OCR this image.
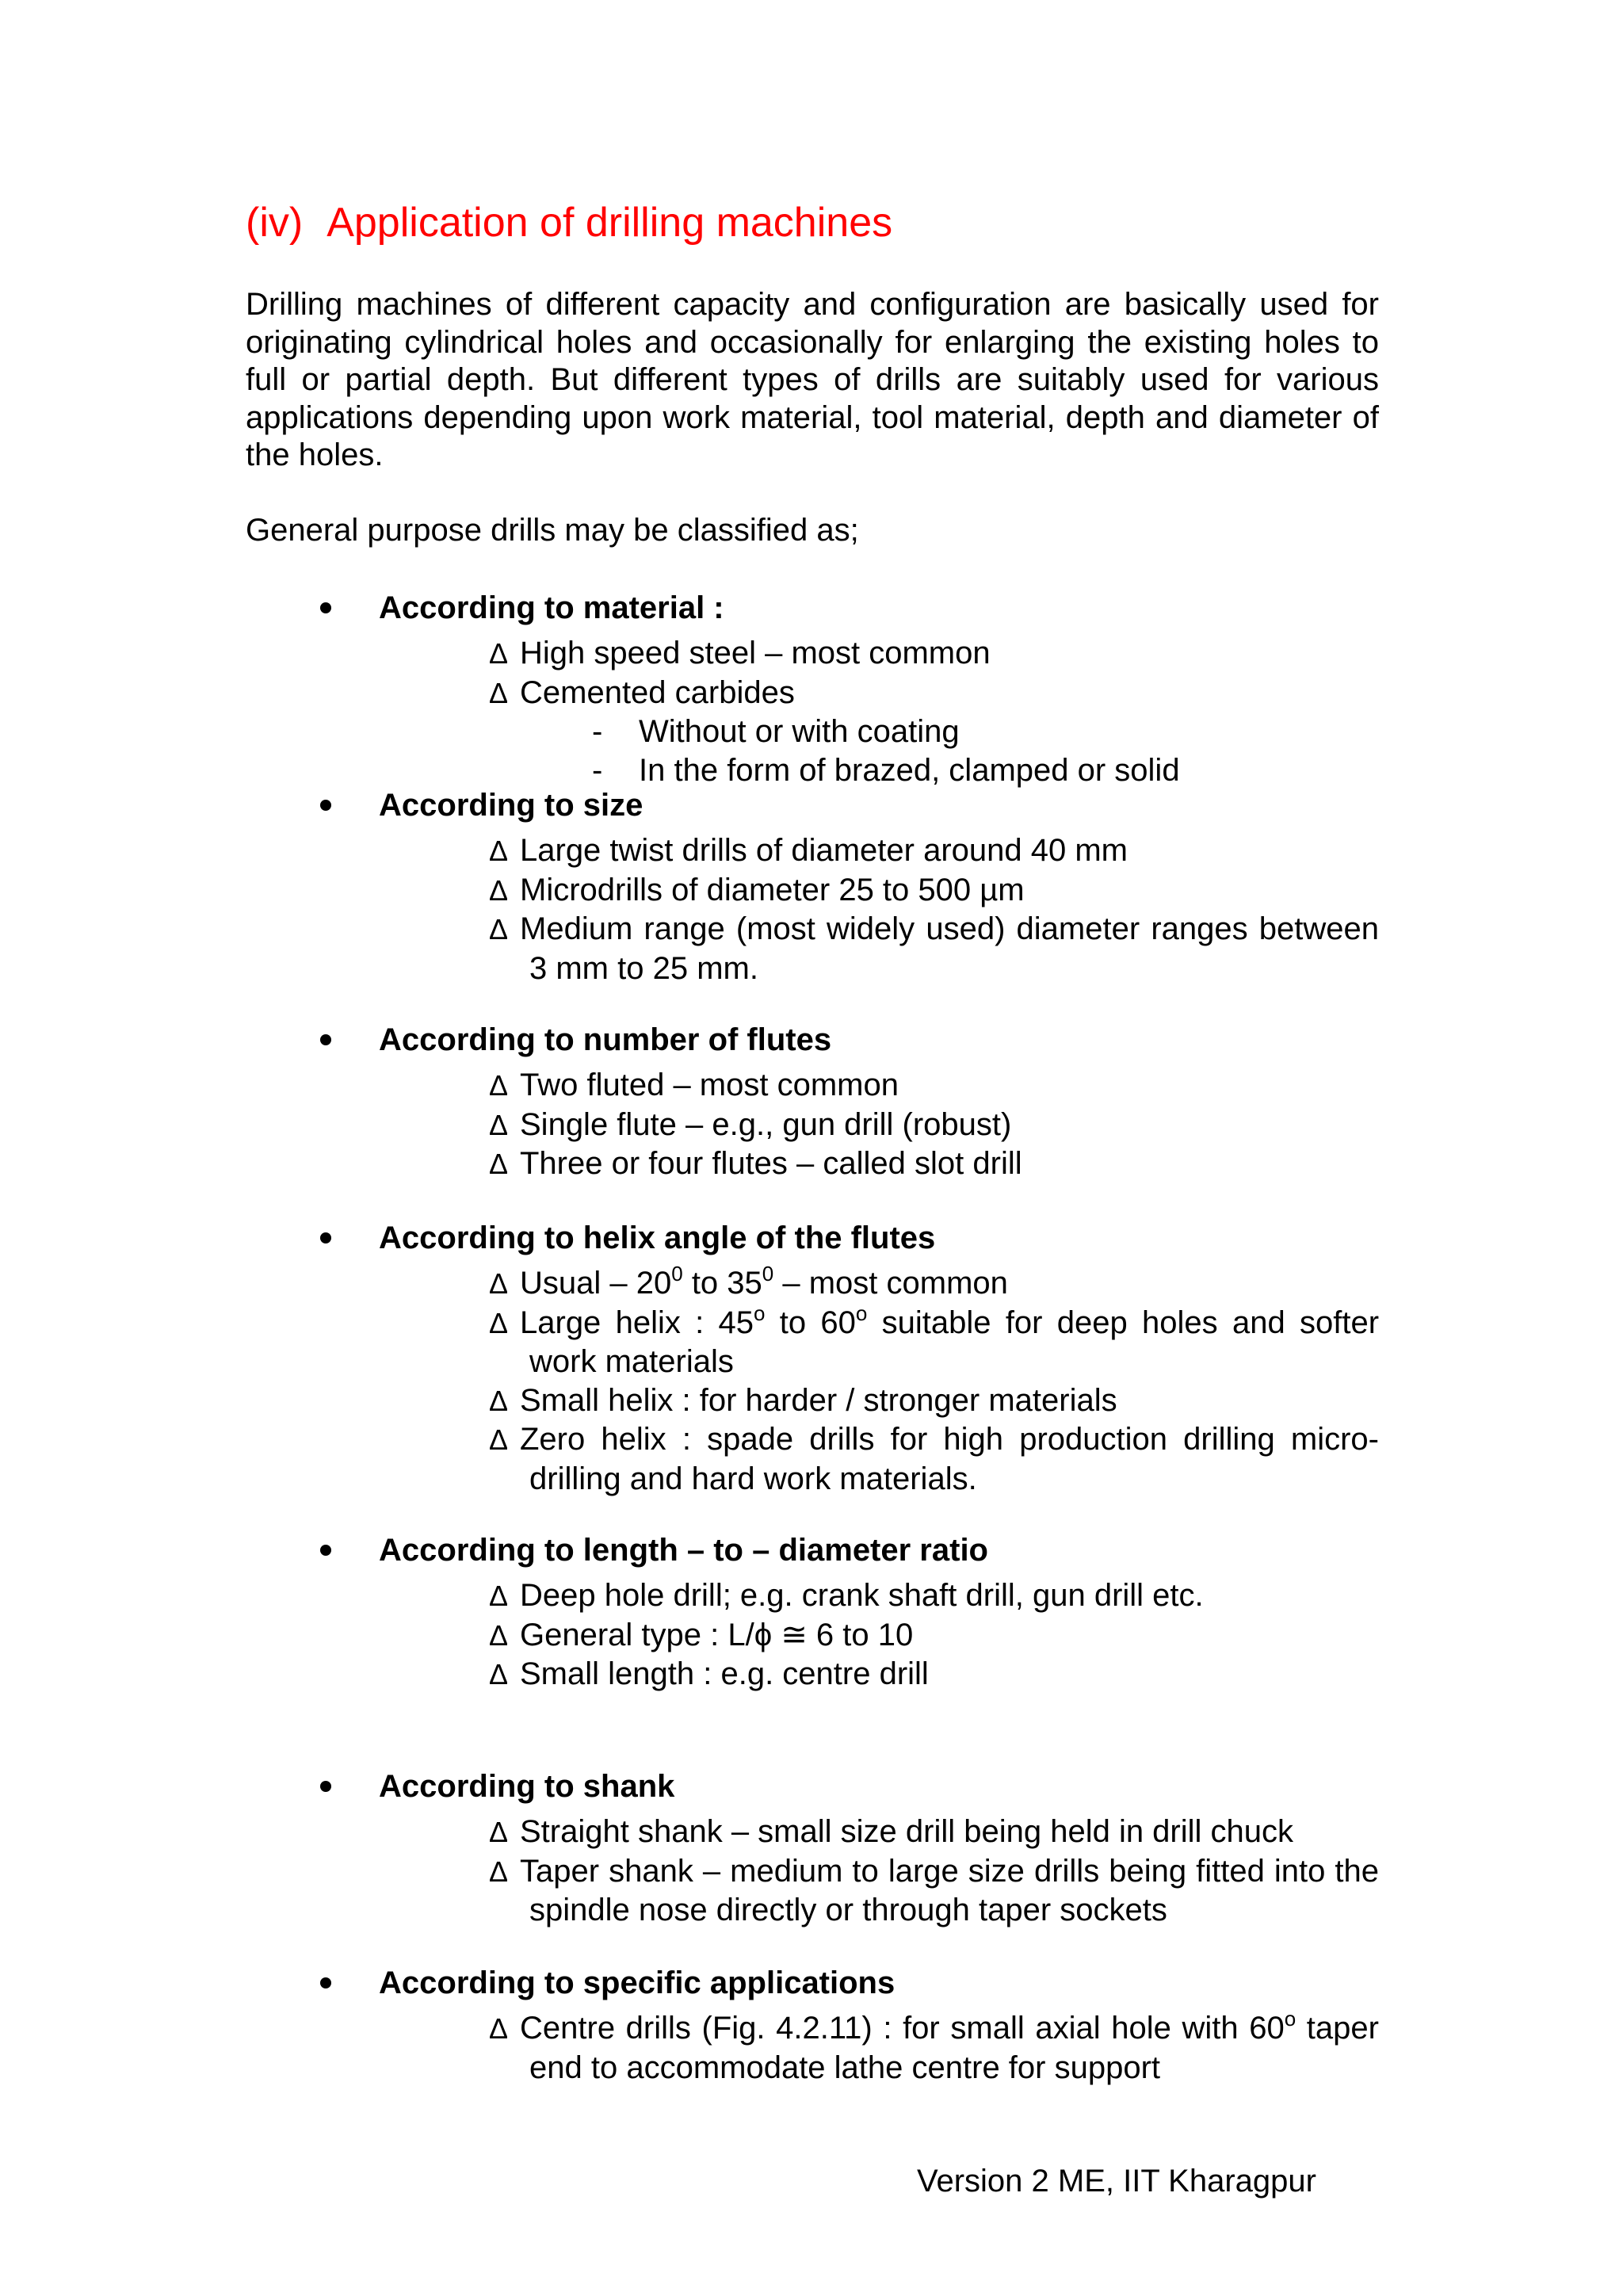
(iv) Application of drilling machines
Drilling machines of different capacity and configuration are basically used for originating cylindrical holes and occasionally for enlarging the existing holes to full or partial depth. But different types of drills are suitably used for various applications depending upon work material, tool material, depth and diameter of the holes.
General purpose drills may be classified as;
According to material :
Δ High speed steel – most common
Δ Cemented carbides
- Without or with coating
- In the form of brazed, clamped or solid
According to size
Δ Large twist drills of diameter around 40 mm
Δ Microdrills of diameter 25 to 500 µm
Δ Medium range (most widely used) diameter ranges between 3 mm to 25 mm.
According to number of flutes
Δ Two fluted – most common
Δ Single flute – e.g., gun drill (robust)
Δ Three or four flutes – called slot drill
According to helix angle of the flutes
Δ Usual – $20^0$ to $35^0$ – most common
Δ Large helix : 45$^o$ to 60$^o$ suitable for deep holes and softer work materials
Δ Small helix : for harder / stronger materials
Δ Zero helix : spade drills for high production drilling micro-drilling and hard work materials.
According to length – to – diameter ratio
Δ Deep hole drill; e.g. crank shaft drill, gun drill etc.
Δ General type : L/ϕ ≅ 6 to 10
Δ Small length : e.g. centre drill
According to shank
Δ Straight shank – small size drill being held in drill chuck
Δ Taper shank – medium to large size drills being fitted into the spindle nose directly or through taper sockets
According to specific applications
Δ Centre drills (Fig. 4.2.11) : for small axial hole with 60$^o$ taper end to accommodate lathe centre for support
Version 2 ME, IIT Kharagpur
